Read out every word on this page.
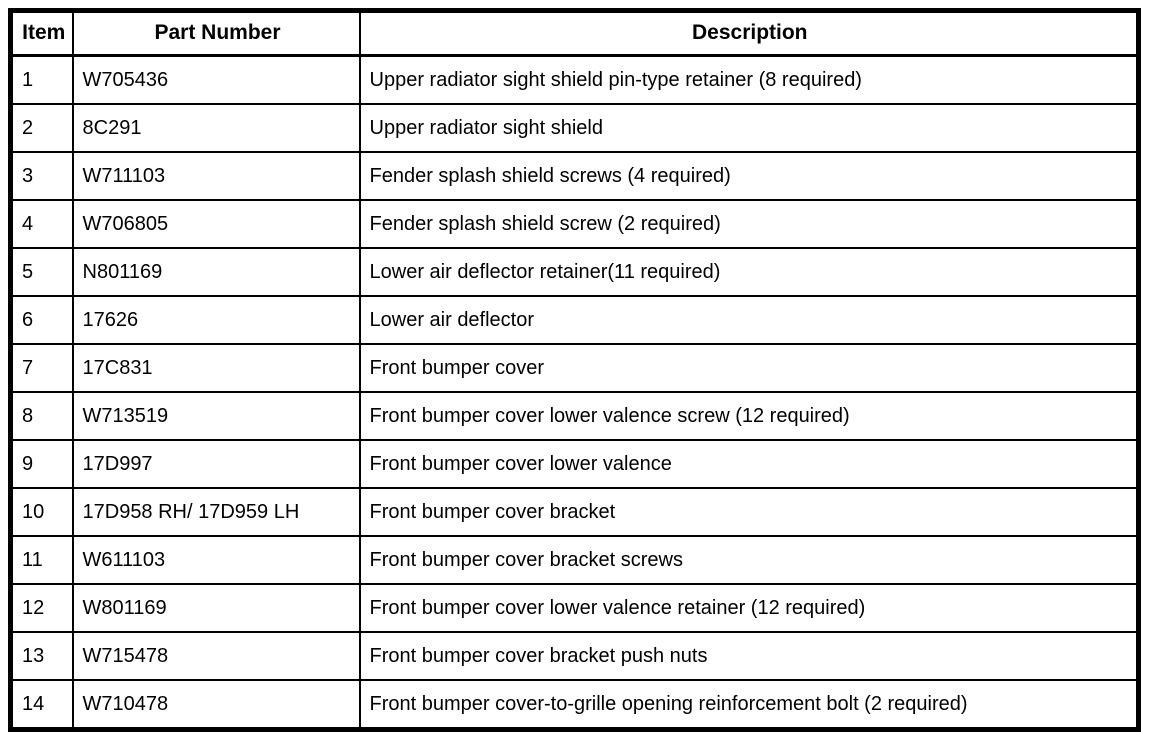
Item	Part Number	Description
1	W705436	Upper radiator sight shield pin-type retainer (8 required)
2	8C291	Upper radiator sight shield
3	W711103	Fender splash shield screws (4 required)
4	W706805	Fender splash shield screw (2 required)
5	N801169	Lower air deflector retainer(11 required)
6	17626	Lower air deflector
7	17C831	Front bumper cover
8	W713519	Front bumper cover lower valence screw (12 required)
9	17D997	Front bumper cover lower valence
10	17D958 RH/ 17D959 LH	Front bumper cover bracket
11	W611103	Front bumper cover bracket screws
12	W801169	Front bumper cover lower valence retainer (12 required)
13	W715478	Front bumper cover bracket push nuts
14	W710478	Front bumper cover-to-grille opening reinforcement bolt (2 required)
